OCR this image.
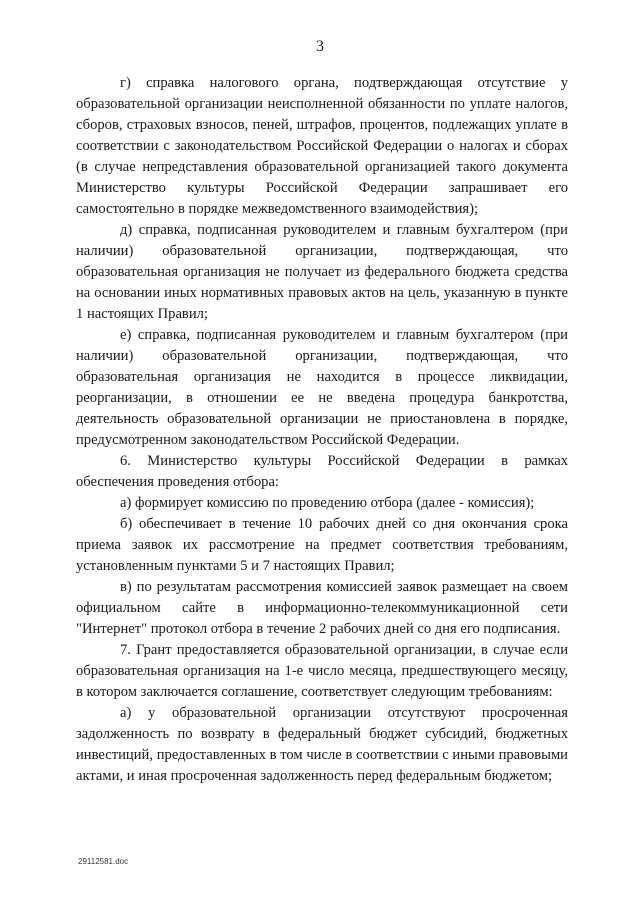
3

г) справка налогового органа, подтверждающая отсутствие у образовательной организации неисполненной обязанности по уплате налогов, сборов, страховых взносов, пеней, штрафов, процентов, подлежащих уплате в соответствии с законодательством Российской Федерации о налогах и сборах (в случае непредставления образовательной организацией такого документа Министерство культуры Российской Федерации запрашивает его самостоятельно в порядке межведомственного взаимодействия);

д) справка, подписанная руководителем и главным бухгалтером (при наличии) образовательной организации, подтверждающая, что образовательная организация не получает из федерального бюджета средства на основании иных нормативных правовых актов на цель, указанную в пункте 1 настоящих Правил;

е) справка, подписанная руководителем и главным бухгалтером (при наличии) образовательной организации, подтверждающая, что образовательная организация не находится в процессе ликвидации, реорганизации, в отношении ее не введена процедура банкротства, деятельность образовательной организации не приостановлена в порядке, предусмотренном законодательством Российской Федерации.

6. Министерство культуры Российской Федерации в рамках обеспечения проведения отбора:

а) формирует комиссию по проведению отбора (далее - комиссия);

б) обеспечивает в течение 10 рабочих дней со дня окончания срока приема заявок их рассмотрение на предмет соответствия требованиям, установленным пунктами 5 и 7 настоящих Правил;

в) по результатам рассмотрения комиссией заявок размещает на своем официальном сайте в информационно-телекоммуникационной сети "Интернет" протокол отбора в течение 2 рабочих дней со дня его подписания.

7. Грант предоставляется образовательной организации, в случае если образовательная организация на 1-е число месяца, предшествующего месяцу, в котором заключается соглашение, соответствует следующим требованиям:

а) у образовательной организации отсутствуют просроченная задолженность по возврату в федеральный бюджет субсидий, бюджетных инвестиций, предоставленных в том числе в соответствии с иными правовыми актами, и иная просроченная задолженность перед федеральным бюджетом;

29112581.doc
